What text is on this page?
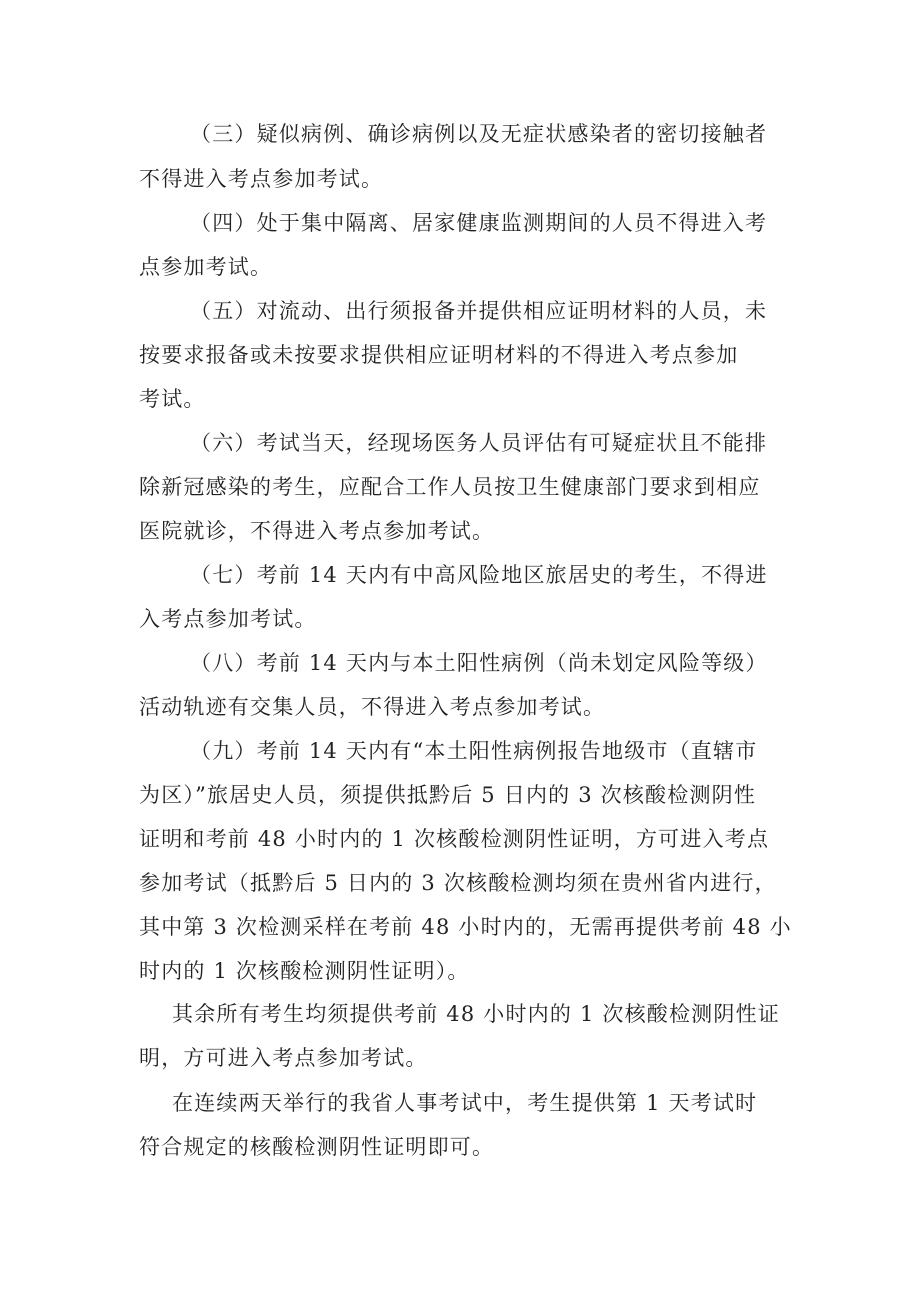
（三）疑似病例、确诊病例以及无症状感染者的密切接触者
不得进入考点参加考试。
（四）处于集中隔离、居家健康监测期间的人员不得进入考
点参加考试。
（五）对流动、出行须报备并提供相应证明材料的人员，未
按要求报备或未按要求提供相应证明材料的不得进入考点参加
考试。
（六）考试当天，经现场医务人员评估有可疑症状且不能排
除新冠感染的考生，应配合工作人员按卫生健康部门要求到相应
医院就诊，不得进入考点参加考试。
（七）考前 14 天内有中高风险地区旅居史的考生，不得进
入考点参加考试。
（八）考前 14 天内与本土阳性病例（尚未划定风险等级）
活动轨迹有交集人员，不得进入考点参加考试。
（九）考前 14 天内有“本土阳性病例报告地级市（直辖市
为区）”旅居史人员，须提供抵黔后 5 日内的 3 次核酸检测阴性
证明和考前 48 小时内的 1 次核酸检测阴性证明，方可进入考点
参加考试（抵黔后 5 日内的 3 次核酸检测均须在贵州省内进行，
其中第 3 次检测采样在考前 48 小时内的，无需再提供考前 48 小
时内的 1 次核酸检测阴性证明）。
其余所有考生均须提供考前 48 小时内的 1 次核酸检测阴性证
明，方可进入考点参加考试。
在连续两天举行的我省人事考试中，考生提供第 1 天考试时
符合规定的核酸检测阴性证明即可。
